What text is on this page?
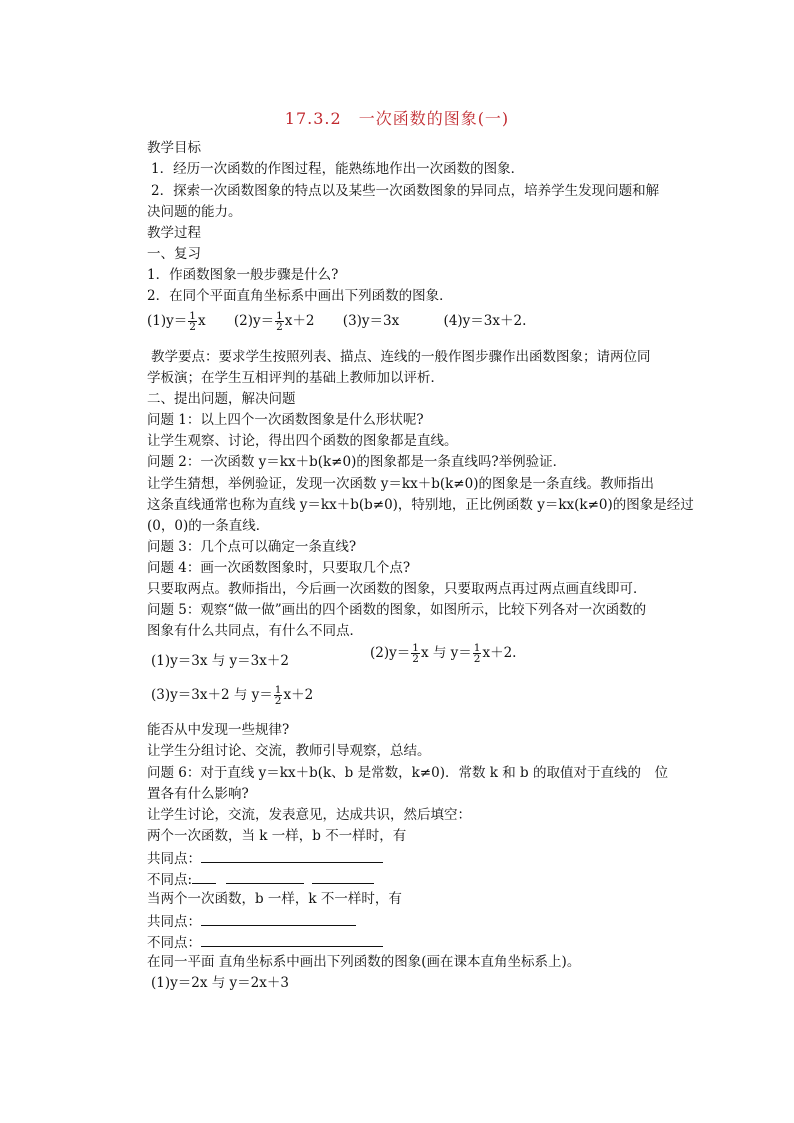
17.3.2　一次函数的图象(一)
教学目标
1．经历一次函数的作图过程，能熟练地作出一次函数的图象．
2．探索一次函数图象的特点以及某些一次函数图象的异同点，培养学生发现问题和解
决问题的能力。
教学过程
一、复习
1．作函数图象一般步骤是什么?
2．在同个平面直角坐标系中画出下列函数的图象．
$(1)y= \frac{1}{2}$ x $(2)y= \frac{1}{2} x+2$ (3)y＝3x	(4)y＝3x＋2.
教学要点：要求学生按照列表、描点、连线的一般作图步骤作出函数图象；请两位同
学板演；在学生互相评判的基础上教师加以评析．
二、提出问题，解决问题
问题 1：以上四个一次函数图象是什么形状呢?
让学生观察、讨论，得出四个函数的图象都是直线。
问题 2：一次函数 y＝kx＋b(k≠0)的图象都是一条直线吗?举例验证．
让学生猜想，举例验证，发现一次函数 y＝kx＋b(k≠0)的图象是一条直线。教师指出
这条直线通常也称为直线 y＝kx＋b(b≠0)，特别地，正比例函数 y＝kx(k≠0)的图象是经过
(0，0)的一条直线．
问题 3：几个点可以确定一条直线?
问题 4：画一次函数图象时，只要取几个点?
只要取两点。教师指出，今后画一次函数的图象，只要取两点再过两点画直线即可．
问题 5：观察“做一做”画出的四个函数的图象，如图所示，比较下列各对一次函数的
图象有什么共同点，有什么不同点．
(1)y＝3x 与 y＝3x＋2	$(2)y= \frac{1}{2}$ x 与 $y= \frac{1}{2} x+2$.
(3)y＝3x＋2 与 $y= \frac{1}{2} x+2$
能否从中发现一些规律?
让学生分组讨论、交流，教师引导观察，总结。
问题 6：对于直线 y＝kx＋b(k、b 是常数，k≠0)．常数 k 和 b 的取值对于直线的　位
置各有什么影响?
让学生讨论，交流，发表意见，达成共识，然后填空：
两个一次函数，当 k 一样，b 不一样时，有
共同点：
不同点:
当两个一次函数，b 一样，k 不一样时，有
共同点：
不同点：
在同一平面 直角坐标系中画出下列函数的图象(画在课本直角坐标系上)。
(1)y＝2x 与 y＝2x＋3
